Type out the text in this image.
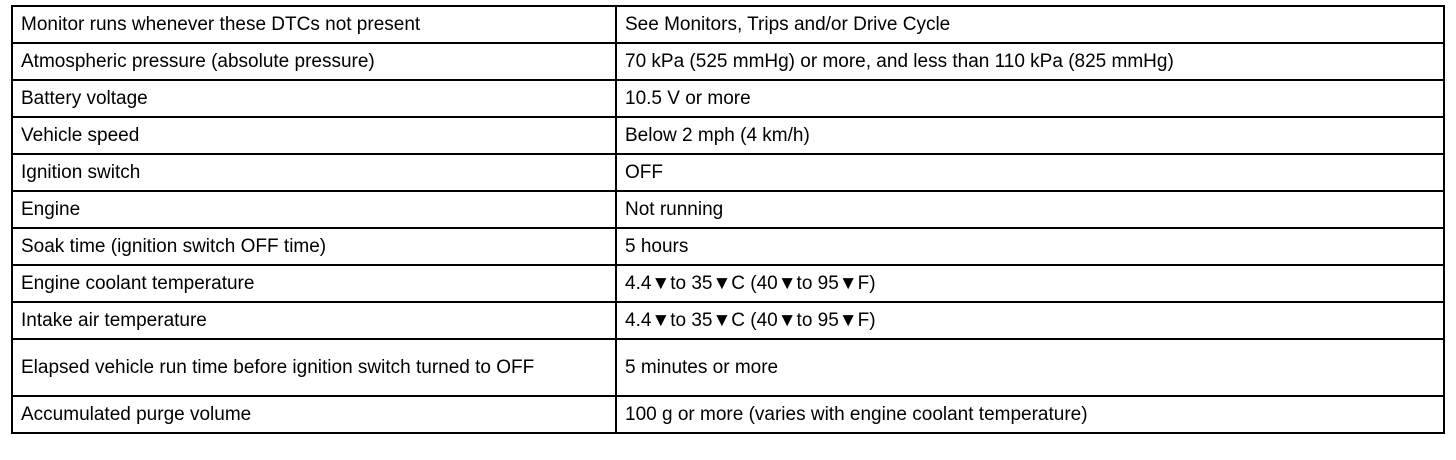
Monitor runs whenever these DTCs not present	See Monitors, Trips and/or Drive Cycle
Atmospheric pressure (absolute pressure)	70 kPa (525 mmHg) or more, and less than 110 kPa (825 mmHg)
Battery voltage	10.5 V or more
Vehicle speed	Below 2 mph (4 km/h)
Ignition switch	OFF
Engine	Not running
Soak time (ignition switch OFF time)	5 hours
Engine coolant temperature	4.4▼to 35▼C (40▼to 95▼F)
Intake air temperature	4.4▼to 35▼C (40▼to 95▼F)
Elapsed vehicle run time before ignition switch turned to OFF	5 minutes or more
Accumulated purge volume	100 g or more (varies with engine coolant temperature)
